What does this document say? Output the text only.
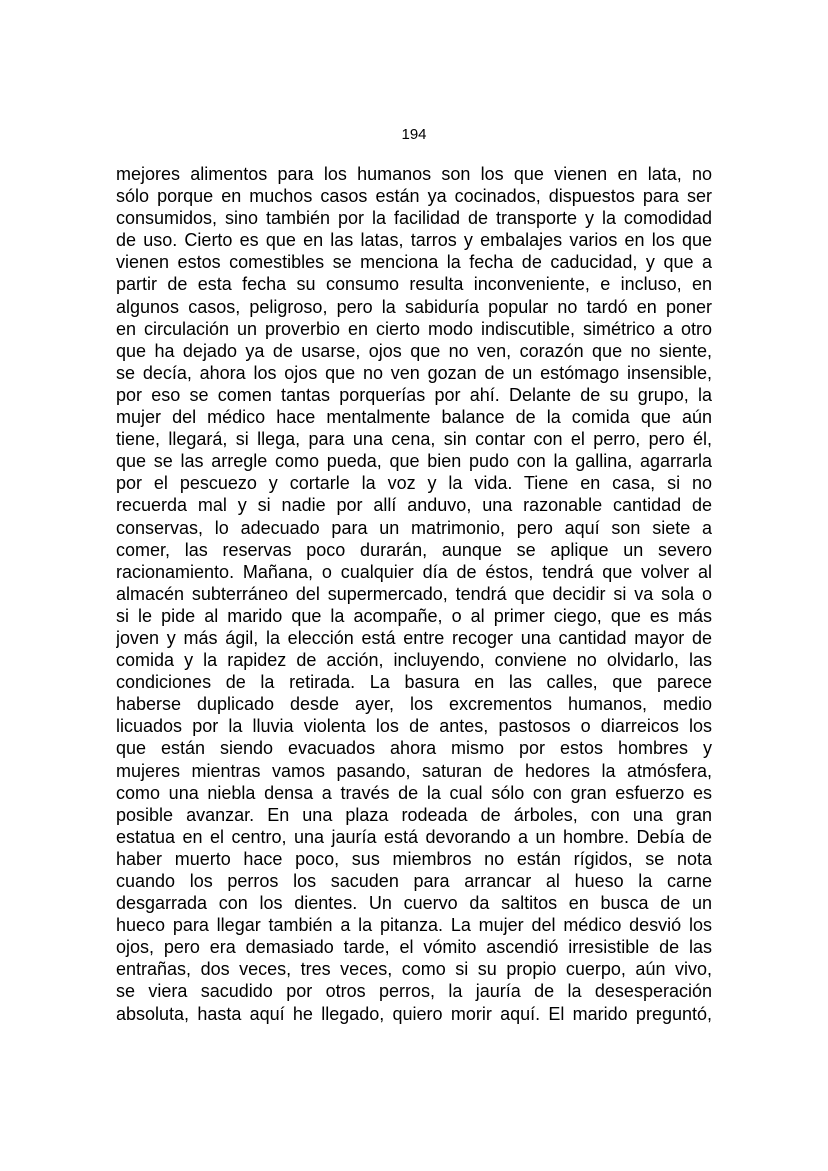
194
mejores alimentos para los humanos son los que vienen en lata, no
sólo porque en muchos casos están ya cocinados, dispuestos para ser
consumidos, sino también por la facilidad de transporte y la comodidad
de uso. Cierto es que en las latas, tarros y embalajes varios en los que
vienen estos comestibles se menciona la fecha de caducidad, y que a
partir de esta fecha su consumo resulta inconveniente, e incluso, en
algunos casos, peligroso, pero la sabiduría popular no tardó en poner
en circulación un proverbio en cierto modo indiscutible, simétrico a otro
que ha dejado ya de usarse, ojos que no ven, corazón que no siente,
se decía, ahora los ojos que no ven gozan de un estómago insensible,
por eso se comen tantas porquerías por ahí. Delante de su grupo, la
mujer del médico hace mentalmente balance de la comida que aún
tiene, llegará, si llega, para una cena, sin contar con el perro, pero él,
que se las arregle como pueda, que bien pudo con la gallina, agarrarla
por el pescuezo y cortarle la voz y la vida. Tiene en casa, si no
recuerda mal y si nadie por allí anduvo, una razonable cantidad de
conservas, lo adecuado para un matrimonio, pero aquí son siete a
comer, las reservas poco durarán, aunque se aplique un severo
racionamiento. Mañana, o cualquier día de éstos, tendrá que volver al
almacén subterráneo del supermercado, tendrá que decidir si va sola o
si le pide al marido que la acompañe, o al primer ciego, que es más
joven y más ágil, la elección está entre recoger una cantidad mayor de
comida y la rapidez de acción, incluyendo, conviene no olvidarlo, las
condiciones de la retirada. La basura en las calles, que parece
haberse duplicado desde ayer, los excrementos humanos, medio
licuados por la lluvia violenta los de antes, pastosos o diarreicos los
que están siendo evacuados ahora mismo por estos hombres y
mujeres mientras vamos pasando, saturan de hedores la atmósfera,
como una niebla densa a través de la cual sólo con gran esfuerzo es
posible avanzar. En una plaza rodeada de árboles, con una gran
estatua en el centro, una jauría está devorando a un hombre. Debía de
haber muerto hace poco, sus miembros no están rígidos, se nota
cuando los perros los sacuden para arrancar al hueso la carne
desgarrada con los dientes. Un cuervo da saltitos en busca de un
hueco para llegar también a la pitanza. La mujer del médico desvió los
ojos, pero era demasiado tarde, el vómito ascendió irresistible de las
entrañas, dos veces, tres veces, como si su propio cuerpo, aún vivo,
se viera sacudido por otros perros, la jauría de la desesperación
absoluta, hasta aquí he llegado, quiero morir aquí. El marido preguntó,
